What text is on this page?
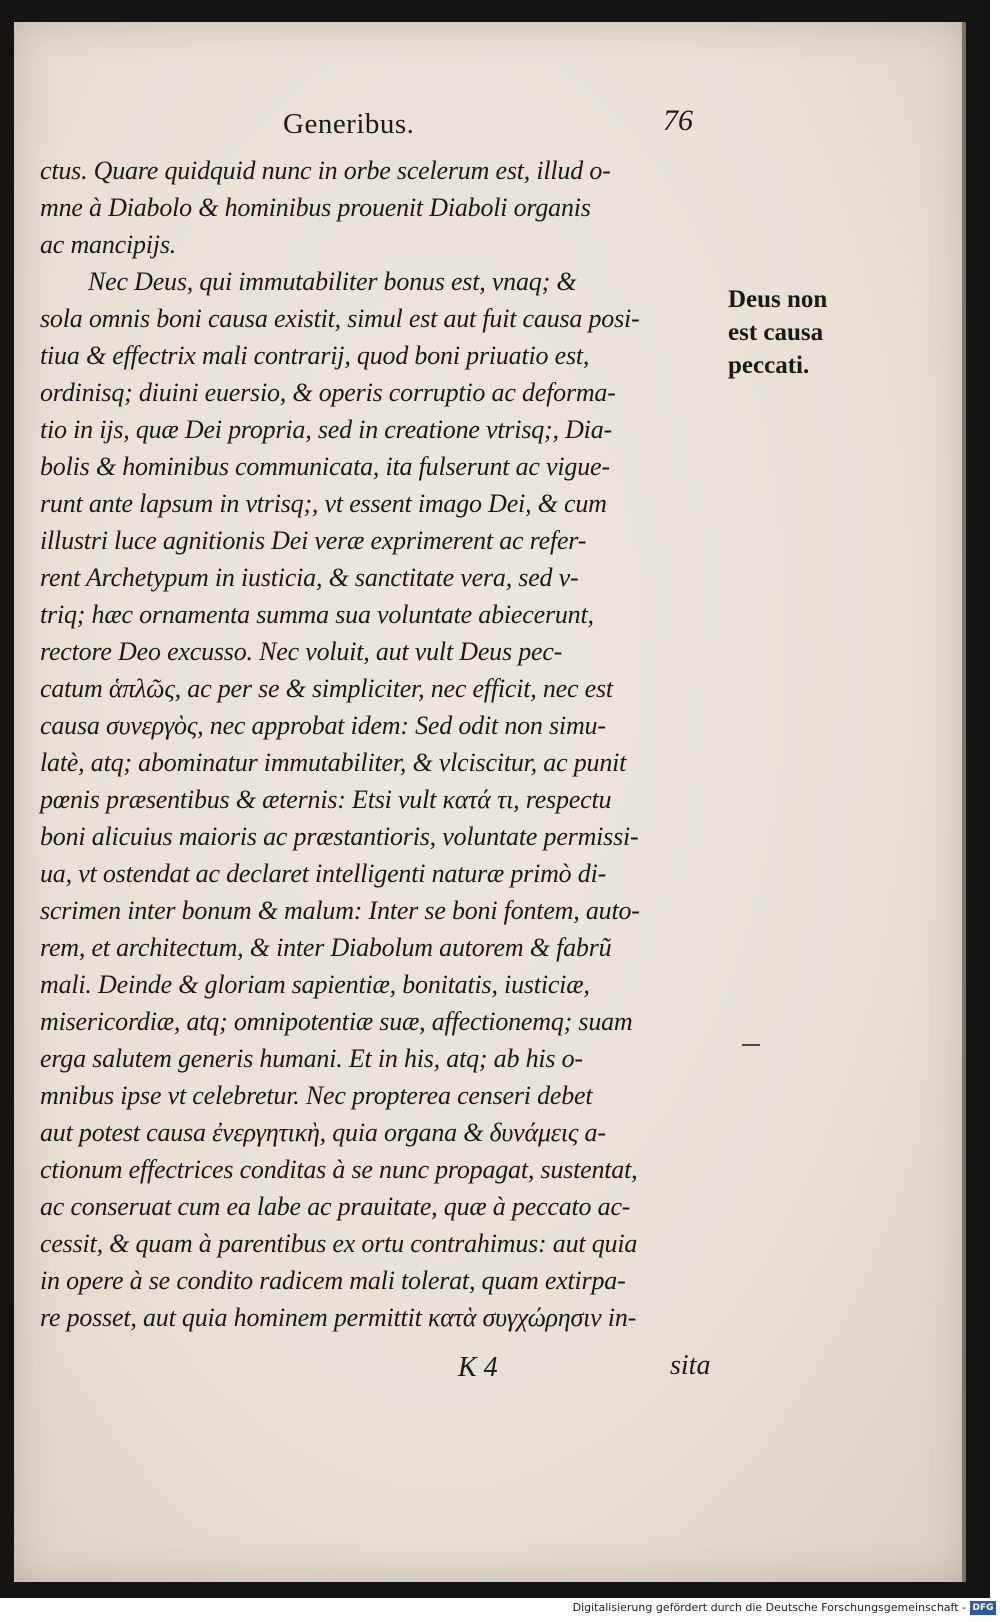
Generibus.	76
ctus. Quare quidquid nunc in orbe scelerum est, illud o-
mne à Diabolo & hominibus prouenit Diaboli organis
ac mancipijs.
Nec Deus, qui immutabiliter bonus est, vnaq; &
sola omnis boni causa existit, simul est aut fuit causa posi-
tiua & effectrix mali contrarij, quod boni priuatio est,
ordinisq; diuini euersio, & operis corruptio ac deforma-
tio in ijs, quæ Dei propria, sed in creatione vtrisq;, Dia-
bolis & hominibus communicata, ita fulserunt ac vigue-
runt ante lapsum in vtrisq;, vt essent imago Dei, & cum
illustri luce agnitionis Dei veræ exprimerent ac refer-
rent Archetypum in iusticia, & sanctitate vera, sed v-
triq; hæc ornamenta summa sua voluntate abiecerunt,
rectore Deo excusso. Nec voluit, aut vult Deus pec-
catum ἁπλῶς, ac per se & simpliciter, nec efficit, nec est
causa συνεργὸς, nec approbat idem: Sed odit non simu-
latè, atq; abominatur immutabiliter, & vlciscitur, ac punit
pœnis præsentibus & æternis: Etsi vult κατά τι, respectu
boni alicuius maioris ac præstantioris, voluntate permissi-
ua, vt ostendat ac declaret intelligenti naturæ primò di-
scrimen inter bonum & malum: Inter se boni fontem, auto-
rem, et architectum, & inter Diabolum autorem & fabrũ
mali. Deinde & gloriam sapientiæ, bonitatis, iusticiæ,
misericordiæ, atq; omnipotentiæ suæ, affectionemq; suam
erga salutem generis humani. Et in his, atq; ab his o-
mnibus ipse vt celebretur. Nec propterea censeri debet
aut potest causa ἐνεργητικὴ, quia organa & δυνάμεις a-
ctionum effectrices conditas à se nunc propagat, sustentat,
ac conseruat cum ea labe ac prauitate, quæ à peccato ac-
cessit, & quam à parentibus ex ortu contrahimus: aut quia
in opere à se condito radicem mali tolerat, quam extirpa-
re posset, aut quia hominem permittit κατὰ συγχώρησιν in-
Deus non
est causa
peccati.
K 4	sita
Digitalisierung gefördert durch die Deutsche Forschungsgemeinschaft - DFG
